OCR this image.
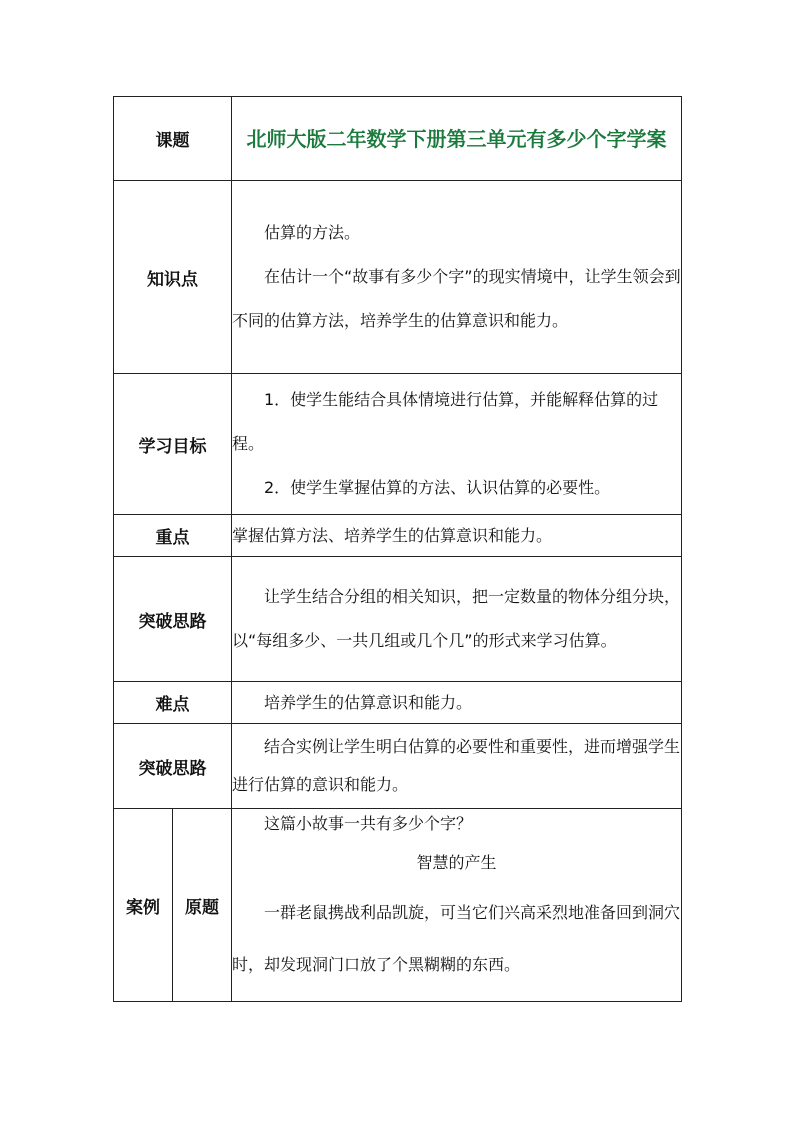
课题		北师大版二年数学下册第三单元有多少个字学案
知识点		估算的方法。

在估计一个“故事有多少个字”的现实情境中，让学生领会到不同的估算方法，培养学生的估算意识和能力。

学习目标		1．使学生能结合具体情境进行估算，并能解释估算的过程。

2．使学生掌握估算的方法、认识估算的必要性。

重点		掌握估算方法、培养学生的估算意识和能力。

突破思路		让学生结合分组的相关知识，把一定数量的物体分组分块，以“每组多少、一共几组或几个几”的形式来学习估算。

难点		培养学生的估算意识和能力。

突破思路		结合实例让学生明白估算的必要性和重要性，进而增强学生进行估算的意识和能力。

案例	原题	这篇小故事一共有多少个字？

智慧的产生

一群老鼠携战利品凯旋，可当它们兴高采烈地准备回到洞穴时，却发现洞门口放了个黑糊糊的东西。
